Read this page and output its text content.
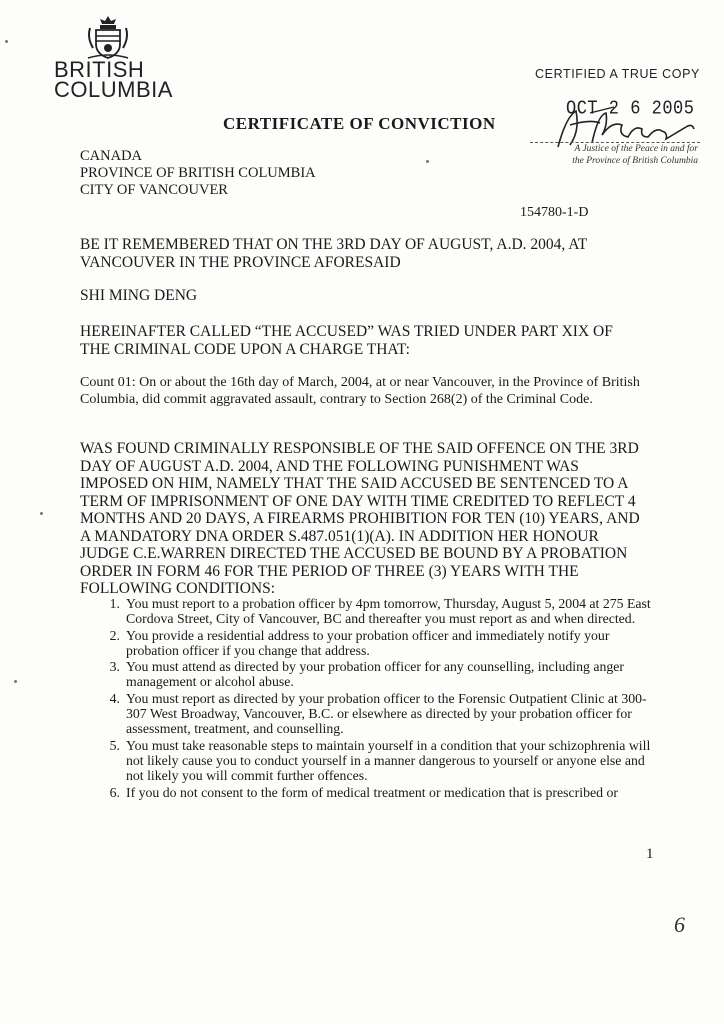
BRITISH
COLUMBIA
CERTIFIED A TRUE COPY
OCT 2 6 2005
A Justice of the Peace in and for
the Province of British Columbia
CERTIFICATE OF CONVICTION
CANADA
PROVINCE OF BRITISH COLUMBIA
CITY OF VANCOUVER
154780-1-D
BE IT REMEMBERED THAT ON THE 3RD DAY OF AUGUST, A.D. 2004, AT VANCOUVER IN THE PROVINCE AFORESAID
SHI MING DENG
HEREINAFTER CALLED “THE ACCUSED” WAS TRIED UNDER PART XIX OF THE CRIMINAL CODE UPON A CHARGE THAT:
Count 01: On or about the 16th day of March, 2004, at or near Vancouver, in the Province of British Columbia, did commit aggravated assault, contrary to Section 268(2) of the Criminal Code.
WAS FOUND CRIMINALLY RESPONSIBLE OF THE SAID OFFENCE ON THE 3RD DAY OF AUGUST A.D. 2004, AND THE FOLLOWING PUNISHMENT WAS IMPOSED ON HIM, NAMELY THAT THE SAID ACCUSED BE SENTENCED TO A TERM OF IMPRISONMENT OF ONE DAY WITH TIME CREDITED TO REFLECT 4 MONTHS AND 20 DAYS, A FIREARMS PROHIBITION FOR TEN (10) YEARS, AND A MANDATORY DNA ORDER S.487.051(1)(A). IN ADDITION HER HONOUR JUDGE C.E.WARREN DIRECTED THE ACCUSED BE BOUND BY A PROBATION ORDER IN FORM 46 FOR THE PERIOD OF THREE (3) YEARS WITH THE FOLLOWING CONDITIONS:
1. You must report to a probation officer by 4pm tomorrow, Thursday, August 5, 2004 at 275 East Cordova Street, City of Vancouver, BC and thereafter you must report as and when directed.
2. You provide a residential address to your probation officer and immediately notify your probation officer if you change that address.
3. You must attend as directed by your probation officer for any counselling, including anger management or alcohol abuse.
4. You must report as directed by your probation officer to the Forensic Outpatient Clinic at 300-307 West Broadway, Vancouver, B.C. or elsewhere as directed by your probation officer for assessment, treatment, and counselling.
5. You must take reasonable steps to maintain yourself in a condition that your schizophrenia will not likely cause you to conduct yourself in a manner dangerous to yourself or anyone else and not likely you will commit further offences.
6. If you do not consent to the form of medical treatment or medication that is prescribed or
1
6
